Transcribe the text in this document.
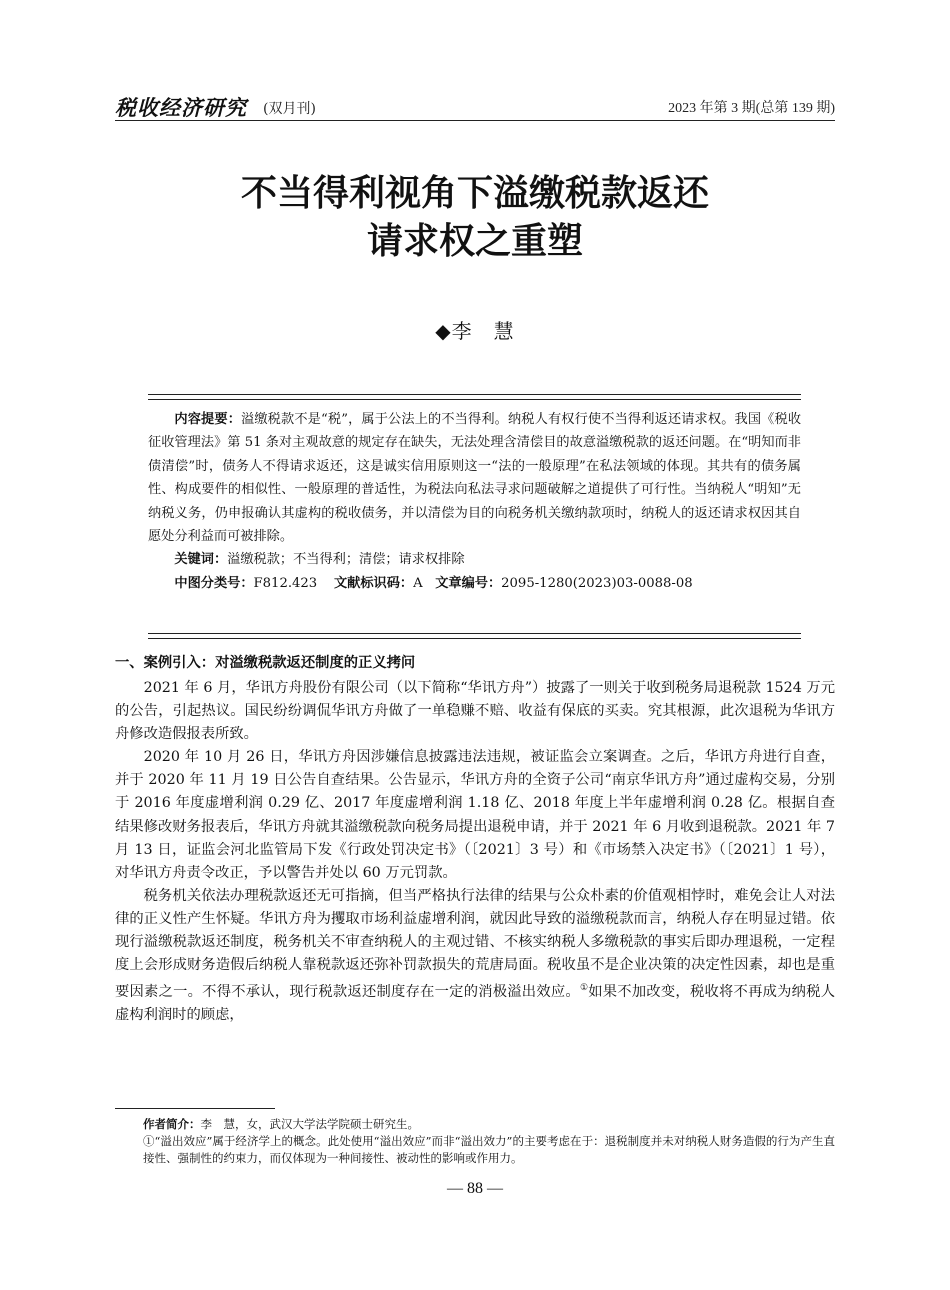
税收经济研究 (双月刊)	2023 年第 3 期(总第 139 期)
不当得利视角下溢缴税款返还
请求权之重塑
◆李　慧

内容提要：溢缴税款不是“税”，属于公法上的不当得利。纳税人有权行使不当得利返还请求权。我国《税收征收管理法》第 51 条对主观故意的规定存在缺失，无法处理含清偿目的故意溢缴税款的返还问题。在“明知而非债清偿”时，债务人不得请求返还，这是诚实信用原则这一“法的一般原理”在私法领域的体现。其共有的债务属性、构成要件的相似性、一般原理的普适性，为税法向私法寻求问题破解之道提供了可行性。当纳税人“明知”无纳税义务，仍申报确认其虚构的税收债务，并以清偿为目的向税务机关缴纳款项时，纳税人的返还请求权因其自愿处分利益而可被排除。

关键词：溢缴税款；不当得利；清偿；请求权排除

中图分类号：F812.423 文献标识码：A 文章编号：2095-1280(2023)03-0088-08

一、案例引入：对溢缴税款返还制度的正义拷问

2021 年 6 月，华讯方舟股份有限公司（以下简称“华讯方舟”）披露了一则关于收到税务局退税款 1524 万元的公告，引起热议。国民纷纷调侃华讯方舟做了一单稳赚不赔、收益有保底的买卖。究其根源，此次退税为华讯方舟修改造假报表所致。

2020 年 10 月 26 日，华讯方舟因涉嫌信息披露违法违规，被证监会立案调查。之后，华讯方舟进行自查，并于 2020 年 11 月 19 日公告自查结果。公告显示，华讯方舟的全资子公司“南京华讯方舟”通过虚构交易，分别于 2016 年度虚增利润 0.29 亿、2017 年度虚增利润 1.18 亿、2018 年度上半年虚增利润 0.28 亿。根据自查结果修改财务报表后，华讯方舟就其溢缴税款向税务局提出退税申请，并于 2021 年 6 月收到退税款。2021 年 7 月 13 日，证监会河北监管局下发《行政处罚决定书》（〔2021〕3 号）和《市场禁入决定书》（〔2021〕1 号），对华讯方舟责令改正，予以警告并处以 60 万元罚款。

税务机关依法办理税款返还无可指摘，但当严格执行法律的结果与公众朴素的价值观相悖时，难免会让人对法律的正义性产生怀疑。华讯方舟为攫取市场利益虚增利润，就因此导致的溢缴税款而言，纳税人存在明显过错。依现行溢缴税款返还制度，税务机关不审查纳税人的主观过错、不核实纳税人多缴税款的事实后即办理退税，一定程度上会形成财务造假后纳税人靠税款返还弥补罚款损失的荒唐局面。税收虽不是企业决策的决定性因素，却也是重要因素之一。不得不承认，现行税款返还制度存在一定的消极溢出效应。①如果不加改变，税收将不再成为纳税人虚构利润时的顾虑，

作者简介：李　慧，女，武汉大学法学院硕士研究生。

①“溢出效应”属于经济学上的概念。此处使用“溢出效应”而非“溢出效力”的主要考虑在于：退税制度并未对纳税人财务造假的行为产生直接性、强制性的约束力，而仅体现为一种间接性、被动性的影响或作用力。

— 88 —
